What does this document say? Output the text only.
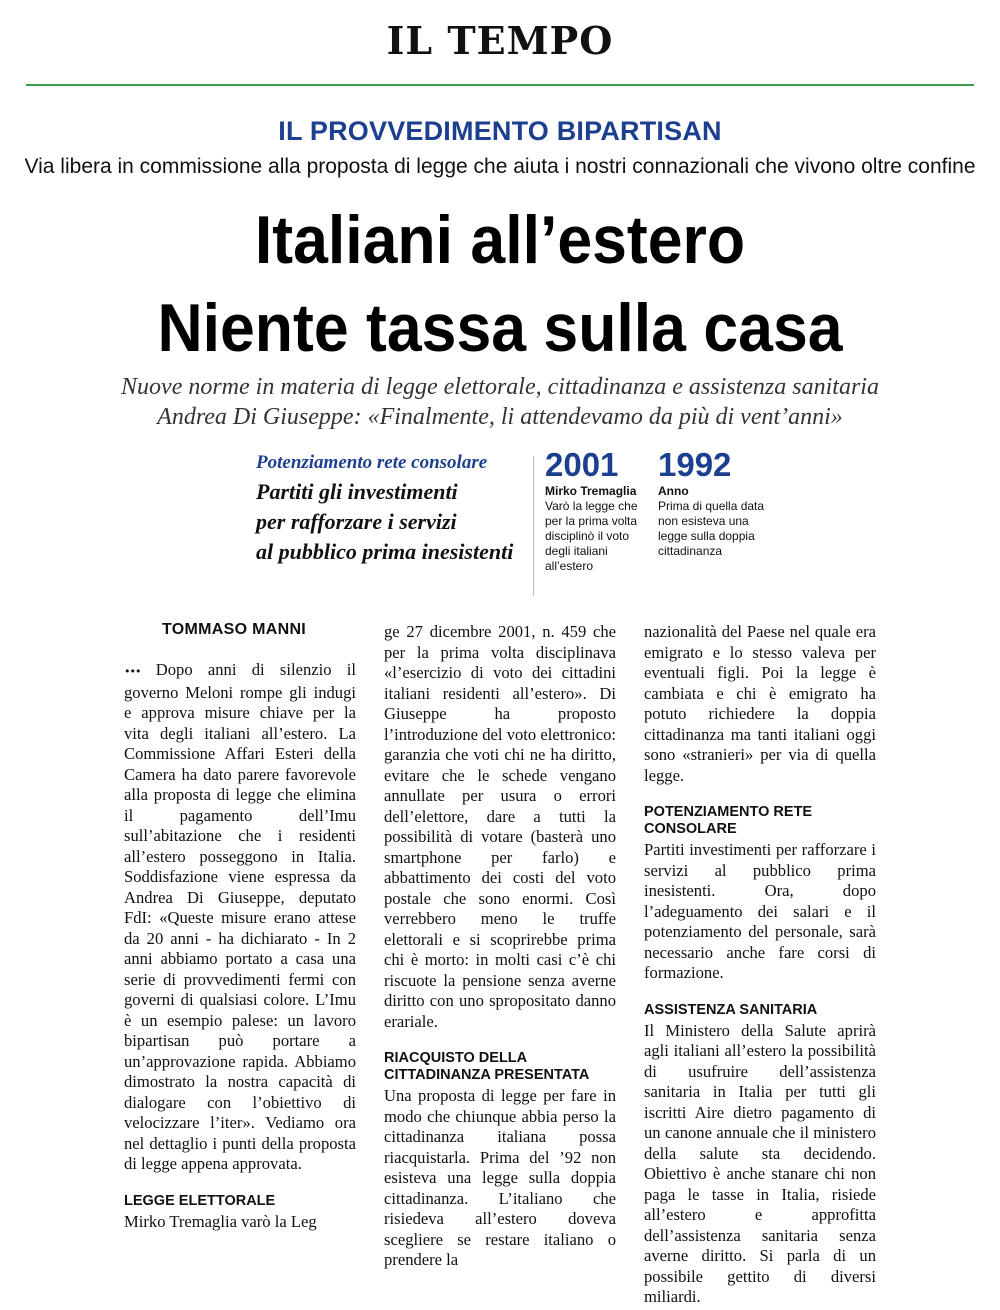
IL TEMPO
IL PROVVEDIMENTO BIPARTISAN
Via libera in commissione alla proposta di legge che aiuta i nostri connazionali che vivono oltre confine
Italiani all’estero
Niente tassa sulla casa
Nuove norme in materia di legge elettorale, cittadinanza e assistenza sanitaria
Andrea Di Giuseppe: «Finalmente, li attendevamo da più di vent’anni»
Potenziamento rete consolare
Partiti gli investimenti
per rafforzare i servizi
al pubblico prima inesistenti
2001
Mirko Tremaglia
Varò la legge che per la prima volta disciplinò il voto degli italiani all’estero
1992
Anno
Prima di quella data non esisteva una legge sulla doppia cittadinanza
TOMMASO MANNI

••• Dopo anni di silenzio il governo Meloni rompe gli indugi e approva misure chiave per la vita degli italiani all’estero. La Commissione Affari Esteri della Camera ha dato parere favorevole alla proposta di legge che elimina il pagamento dell’Imu sull’abitazione che i residenti all’estero posseggono in Italia. Soddisfazione viene espressa da Andrea Di Giuseppe, deputato FdI: «Queste misure erano attese da 20 anni - ha dichiarato - In 2 anni abbiamo portato a casa una serie di provvedimenti fermi con governi di qualsiasi colore. L’Imu è un esempio palese: un lavoro bipartisan può portare a un’approvazione rapida. Abbiamo dimostrato la nostra capacità di dialogare con l’obiettivo di velocizzare l’iter». Vediamo ora nel dettaglio i punti della proposta di legge appena approvata.

LEGGE ELETTORALE

Mirko Tremaglia varò la Leg

ge 27 dicembre 2001, n. 459 che per la prima volta disciplinava «l’esercizio di voto dei cittadini italiani residenti all’estero». Di Giuseppe ha proposto l’introduzione del voto elettronico: garanzia che voti chi ne ha diritto, evitare che le schede vengano annullate per usura o errori dell’elettore, dare a tutti la possibilità di votare (basterà uno smartphone per farlo) e abbattimento dei costi del voto postale che sono enormi. Così verrebbero meno le truffe elettorali e si scoprirebbe prima chi è morto: in molti casi c’è chi riscuote la pensione senza averne diritto con uno spropositato danno erariale.

RIACQUISTO DELLA CITTADINANZA PRESENTATA

Una proposta di legge per fare in modo che chiunque abbia perso la cittadinanza italiana possa riacquistarla. Prima del ’92 non esisteva una legge sulla doppia cittadinanza. L’italiano che risiedeva all’estero doveva scegliere se restare italiano o prendere la

nazionalità del Paese nel quale era emigrato e lo stesso valeva per eventuali figli. Poi la legge è cambiata e chi è emigrato ha potuto richiedere la doppia cittadinanza ma tanti italiani oggi sono «stranieri» per via di quella legge.

POTENZIAMENTO RETE CONSOLARE

Partiti investimenti per rafforzare i servizi al pubblico prima inesistenti. Ora, dopo l’adeguamento dei salari e il potenziamento del personale, sarà necessario anche fare corsi di formazione.

ASSISTENZA SANITARIA

Il Ministero della Salute aprirà agli italiani all’estero la possibilità di usufruire dell’assistenza sanitaria in Italia per tutti gli iscritti Aire dietro pagamento di un canone annuale che il ministero della salute sta decidendo. Obiettivo è anche stanare chi non paga le tasse in Italia, risiede all’estero e approfitta dell’assistenza sanitaria senza averne diritto. Si parla di un possibile gettito di diversi miliardi.
